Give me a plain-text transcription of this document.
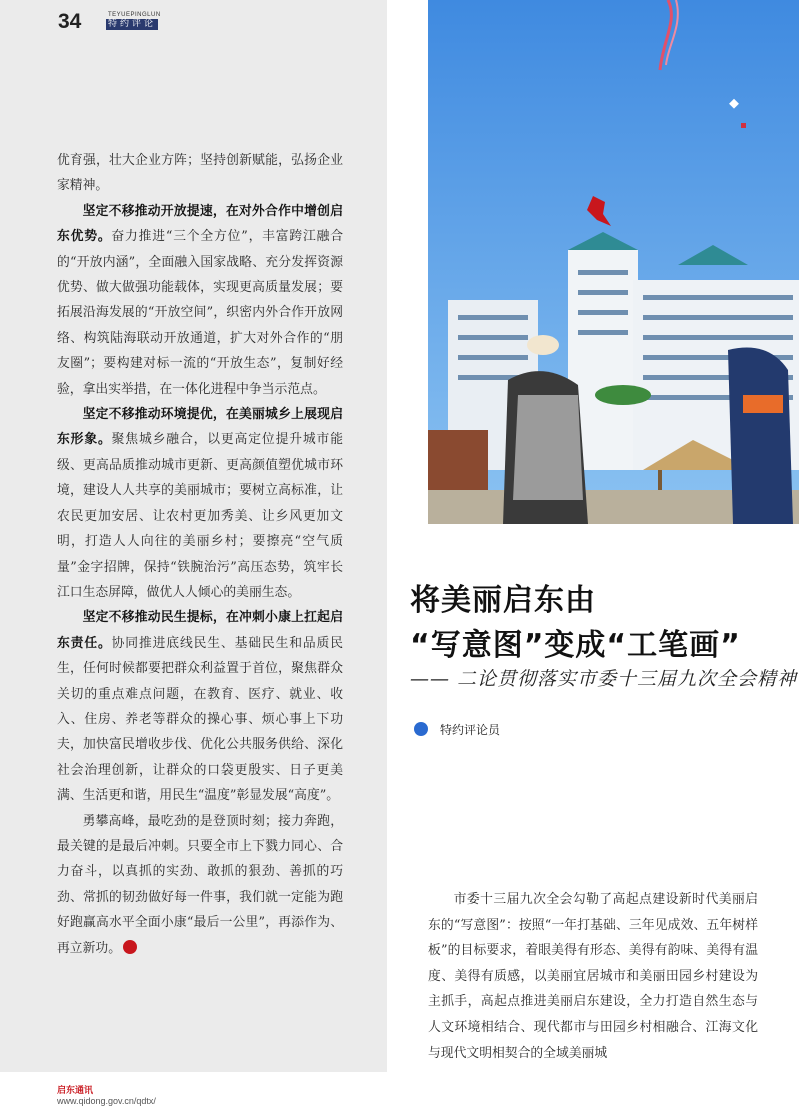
34	TEYUEPINGLUN
特约评论

优育强，壮大企业方阵；坚持创新赋能，弘扬企业家精神。

坚定不移推动开放提速，在对外合作中增创启东优势。奋力推进“三个全方位”，丰富跨江融合的“开放内涵”，全面融入国家战略、充分发挥资源优势、做大做强功能载体，实现更高质量发展；要拓展沿海发展的“开放空间”，织密内外合作开放网络、构筑陆海联动开放通道，扩大对外合作的“朋友圈”；要构建对标一流的“开放生态”，复制好经验，拿出实举措，在一体化进程中争当示范点。

坚定不移推动环境提优，在美丽城乡上展现启东形象。聚焦城乡融合，以更高定位提升城市能级、更高品质推动城市更新、更高颜值塑优城市环境，建设人人共享的美丽城市；要树立高标准，让农民更加安居、让农村更加秀美、让乡风更加文明，打造人人向往的美丽乡村；要擦亮“空气质量”金字招牌，保持“铁腕治污”高压态势，筑牢长江口生态屏障，做优人人倾心的美丽生态。

坚定不移推动民生提标，在冲刺小康上扛起启东责任。协同推进底线民生、基础民生和品质民生，任何时候都要把群众利益置于首位，聚焦群众关切的重点难点问题，在教育、医疗、就业、收入、住房、养老等群众的操心事、烦心事上下功夫，加快富民增收步伐、优化公共服务供给、深化社会治理创新，让群众的口袋更殷实、日子更美满、生活更和谐，用民生“温度”彰显发展“高度”。

勇攀高峰，最吃劲的是登顶时刻；接力奔跑，最关键的是最后冲刺。只要全市上下戮力同心、合力奋斗，以真抓的实劲、敢抓的狠劲、善抓的巧劲、常抓的韧劲做好每一件事，我们就一定能为跑好跑赢高水平全面小康“最后一公里”，再添作为、再立新功。

将美丽启东由
“写意图”变成“工笔画”
—— 二论贯彻落实市委十三届九次全会精神
特约评论员

市委十三届九次全会勾勒了高起点建设新时代美丽启东的“写意图”：按照“一年打基础、三年见成效、五年树样板”的目标要求，着眼美得有形态、美得有韵味、美得有温度、美得有质感，以美丽宜居城市和美丽田园乡村建设为主抓手，高起点推进美丽启东建设，全力打造自然生态与人文环境相结合、现代都市与田园乡村相融合、江海文化与现代文明相契合的全域美丽城

启东通讯
www.qidong.gov.cn/qdtx/
